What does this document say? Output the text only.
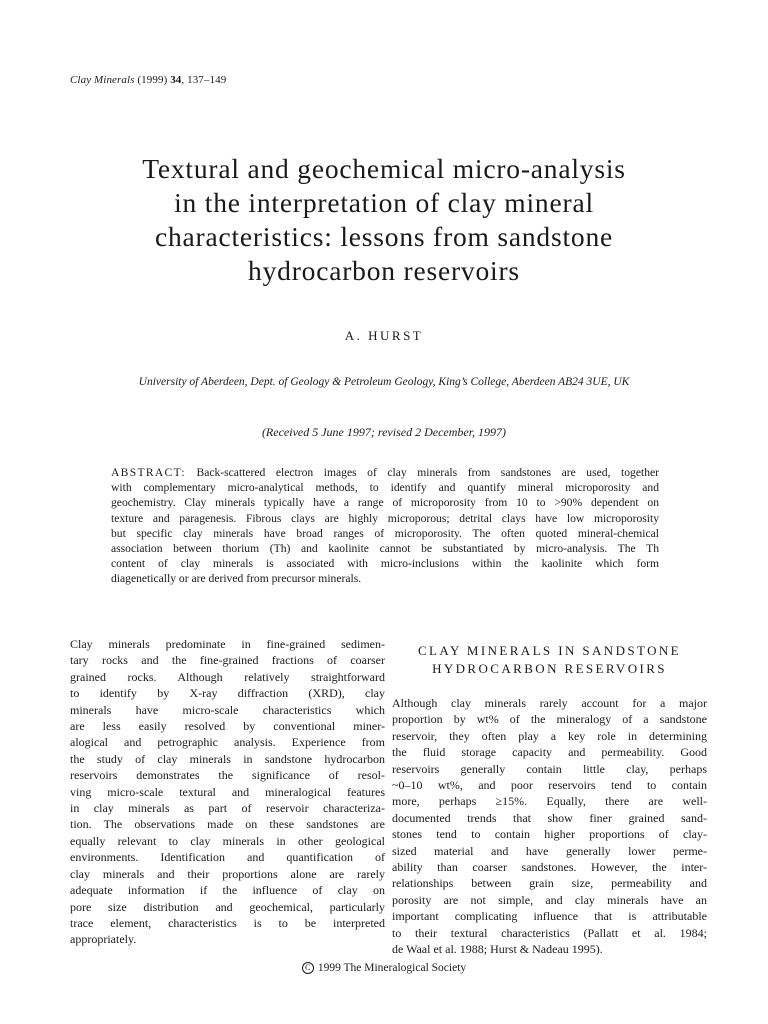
Clay Minerals (1999) 34, 137–149
Textural and geochemical micro-analysis
in the interpretation of clay mineral
characteristics: lessons from sandstone
hydrocarbon reservoirs
A. HURST
University of Aberdeen, Dept. of Geology & Petroleum Geology, King’s College, Aberdeen AB24 3UE, UK
(Received 5 June 1997; revised 2 December, 1997)
ABSTRACT: Back-scattered electron images of clay minerals from sandstones are used, together
with complementary micro-analytical methods, to identify and quantify mineral microporosity and
geochemistry. Clay minerals typically have a range of microporosity from 10 to >90% dependent on
texture and paragenesis. Fibrous clays are highly microporous; detrital clays have low microporosity
but specific clay minerals have broad ranges of microporosity. The often quoted mineral-chemical
association between thorium (Th) and kaolinite cannot be substantiated by micro-analysis. The Th
content of clay minerals is associated with micro-inclusions within the kaolinite which form
diagenetically or are derived from precursor minerals.
Clay minerals predominate in fine-grained sedimen-
tary rocks and the fine-grained fractions of coarser
grained rocks. Although relatively straightforward
to identify by X-ray diffraction (XRD), clay
minerals have micro-scale characteristics which
are less easily resolved by conventional miner-
alogical and petrographic analysis. Experience from
the study of clay minerals in sandstone hydrocarbon
reservoirs demonstrates the significance of resol-
ving micro-scale textural and mineralogical features
in clay minerals as part of reservoir characteriza-
tion. The observations made on these sandstones are
equally relevant to clay minerals in other geological
environments. Identification and quantification of
clay minerals and their proportions alone are rarely
adequate information if the influence of clay on
pore size distribution and geochemical, particularly
trace element, characteristics is to be interpreted
appropriately.
CLAY MINERALS IN SANDSTONE
HYDROCARBON RESERVOIRS
Although clay minerals rarely account for a major
proportion by wt% of the mineralogy of a sandstone
reservoir, they often play a key role in determining
the fluid storage capacity and permeability. Good
reservoirs generally contain little clay, perhaps
~0–10 wt%, and poor reservoirs tend to contain
more, perhaps ≥15%. Equally, there are well-
documented trends that show finer grained sand-
stones tend to contain higher proportions of clay-
sized material and have generally lower perme-
ability than coarser sandstones. However, the inter-
relationships between grain size, permeability and
porosity are not simple, and clay minerals have an
important complicating influence that is attributable
to their textural characteristics (Pallatt et al. 1984;
de Waal et al. 1988; Hurst & Nadeau 1995).
C 1999 The Mineralogical Society
